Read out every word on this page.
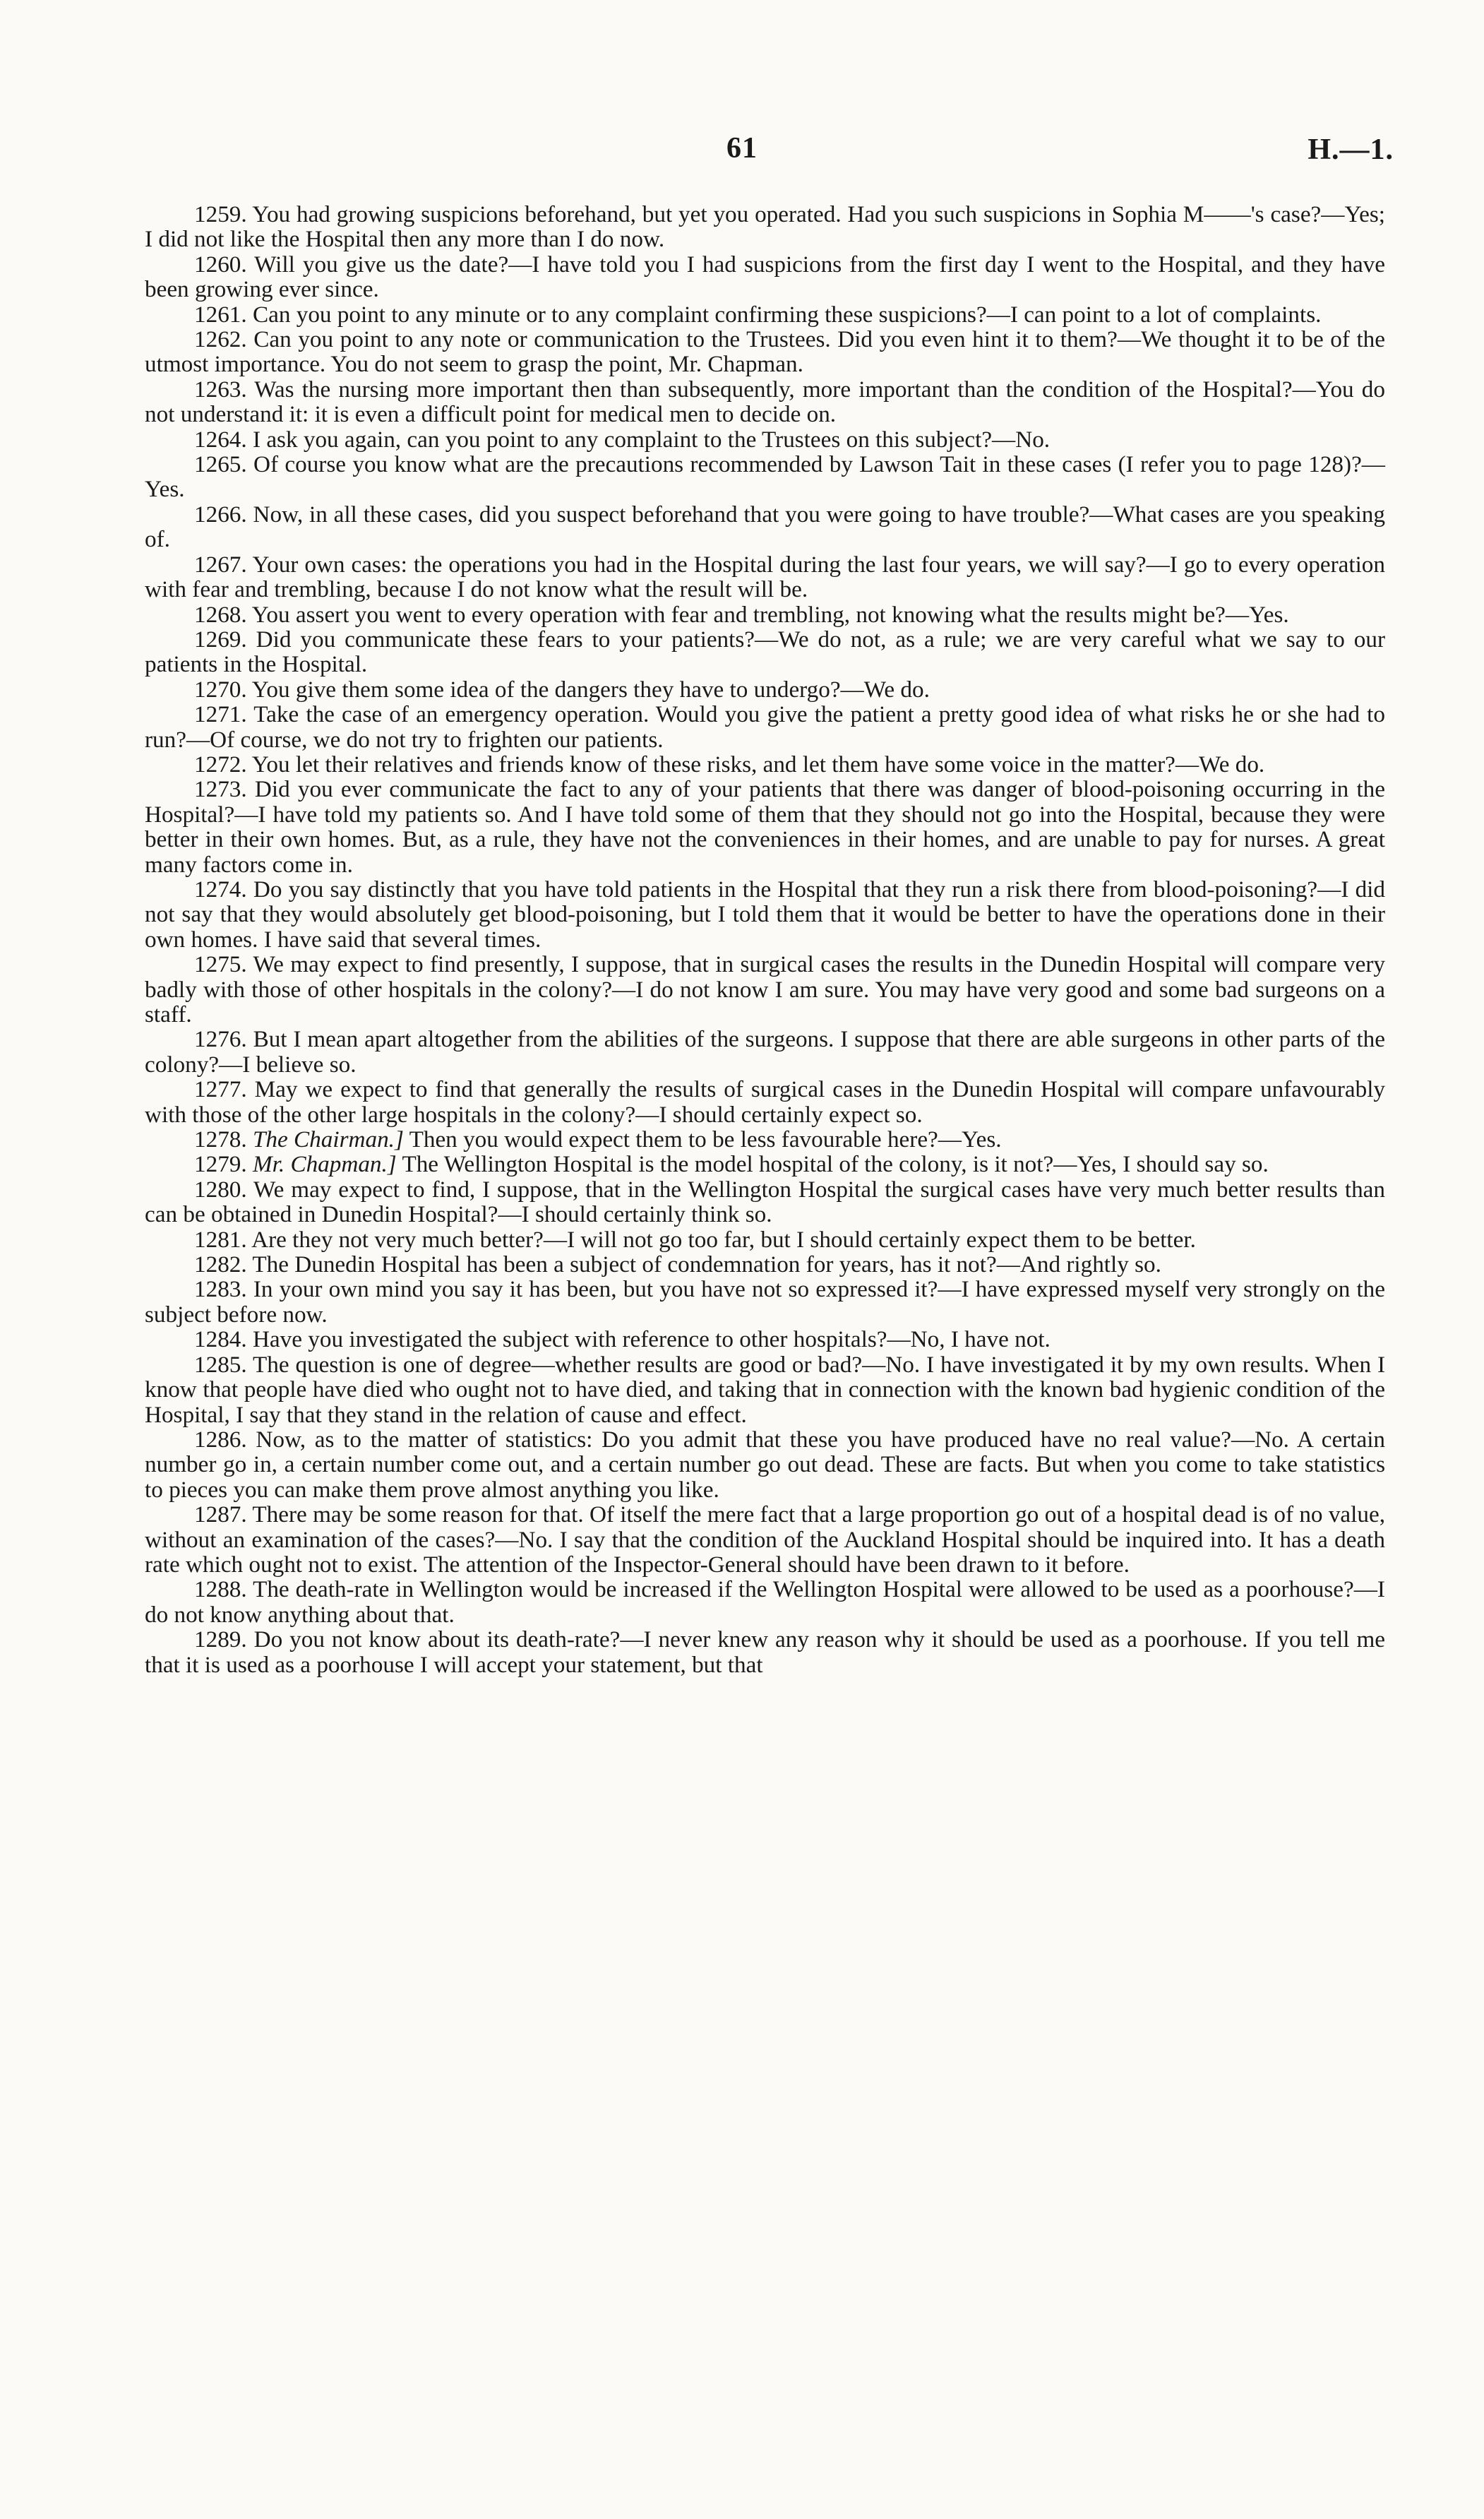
61	H.—1.

1259. You had growing suspicions beforehand, but yet you operated. Had you such suspicions in Sophia M——'s case?—Yes; I did not like the Hospital then any more than I do now.

1260. Will you give us the date?—I have told you I had suspicions from the first day I went to the Hospital, and they have been growing ever since.

1261. Can you point to any minute or to any complaint confirming these suspicions?—I can point to a lot of complaints.

1262. Can you point to any note or communication to the Trustees. Did you even hint it to them?—We thought it to be of the utmost importance. You do not seem to grasp the point, Mr. Chapman.

1263. Was the nursing more important then than subsequently, more important than the condition of the Hospital?—You do not understand it: it is even a difficult point for medical men to decide on.

1264. I ask you again, can you point to any complaint to the Trustees on this subject?—No.

1265. Of course you know what are the precautions recommended by Lawson Tait in these cases (I refer you to page 128)?—Yes.

1266. Now, in all these cases, did you suspect beforehand that you were going to have trouble?—What cases are you speaking of.

1267. Your own cases: the operations you had in the Hospital during the last four years, we will say?—I go to every operation with fear and trembling, because I do not know what the result will be.

1268. You assert you went to every operation with fear and trembling, not knowing what the results might be?—Yes.

1269. Did you communicate these fears to your patients?—We do not, as a rule; we are very careful what we say to our patients in the Hospital.

1270. You give them some idea of the dangers they have to undergo?—We do.

1271. Take the case of an emergency operation. Would you give the patient a pretty good idea of what risks he or she had to run?—Of course, we do not try to frighten our patients.

1272. You let their relatives and friends know of these risks, and let them have some voice in the matter?—We do.

1273. Did you ever communicate the fact to any of your patients that there was danger of blood-poisoning occurring in the Hospital?—I have told my patients so. And I have told some of them that they should not go into the Hospital, because they were better in their own homes. But, as a rule, they have not the conveniences in their homes, and are unable to pay for nurses. A great many factors come in.

1274. Do you say distinctly that you have told patients in the Hospital that they run a risk there from blood-poisoning?—I did not say that they would absolutely get blood-poisoning, but I told them that it would be better to have the operations done in their own homes. I have said that several times.

1275. We may expect to find presently, I suppose, that in surgical cases the results in the Dunedin Hospital will compare very badly with those of other hospitals in the colony?—I do not know I am sure. You may have very good and some bad surgeons on a staff.

1276. But I mean apart altogether from the abilities of the surgeons. I suppose that there are able surgeons in other parts of the colony?—I believe so.

1277. May we expect to find that generally the results of surgical cases in the Dunedin Hospital will compare unfavourably with those of the other large hospitals in the colony?—I should certainly expect so.

1278. The Chairman.] Then you would expect them to be less favourable here?—Yes.

1279. Mr. Chapman.] The Wellington Hospital is the model hospital of the colony, is it not?—Yes, I should say so.

1280. We may expect to find, I suppose, that in the Wellington Hospital the surgical cases have very much better results than can be obtained in Dunedin Hospital?—I should certainly think so.

1281. Are they not very much better?—I will not go too far, but I should certainly expect them to be better.

1282. The Dunedin Hospital has been a subject of condemnation for years, has it not?—And rightly so.

1283. In your own mind you say it has been, but you have not so expressed it?—I have expressed myself very strongly on the subject before now.

1284. Have you investigated the subject with reference to other hospitals?—No, I have not.

1285. The question is one of degree—whether results are good or bad?—No. I have investigated it by my own results. When I know that people have died who ought not to have died, and taking that in connection with the known bad hygienic condition of the Hospital, I say that they stand in the relation of cause and effect.

1286. Now, as to the matter of statistics: Do you admit that these you have produced have no real value?—No. A certain number go in, a certain number come out, and a certain number go out dead. These are facts. But when you come to take statistics to pieces you can make them prove almost anything you like.

1287. There may be some reason for that. Of itself the mere fact that a large proportion go out of a hospital dead is of no value, without an examination of the cases?—No. I say that the condition of the Auckland Hospital should be inquired into. It has a death rate which ought not to exist. The attention of the Inspector-General should have been drawn to it before.

1288. The death-rate in Wellington would be increased if the Wellington Hospital were allowed to be used as a poorhouse?—I do not know anything about that.

1289. Do you not know about its death-rate?—I never knew any reason why it should be used as a poorhouse. If you tell me that it is used as a poorhouse I will accept your statement, but that
